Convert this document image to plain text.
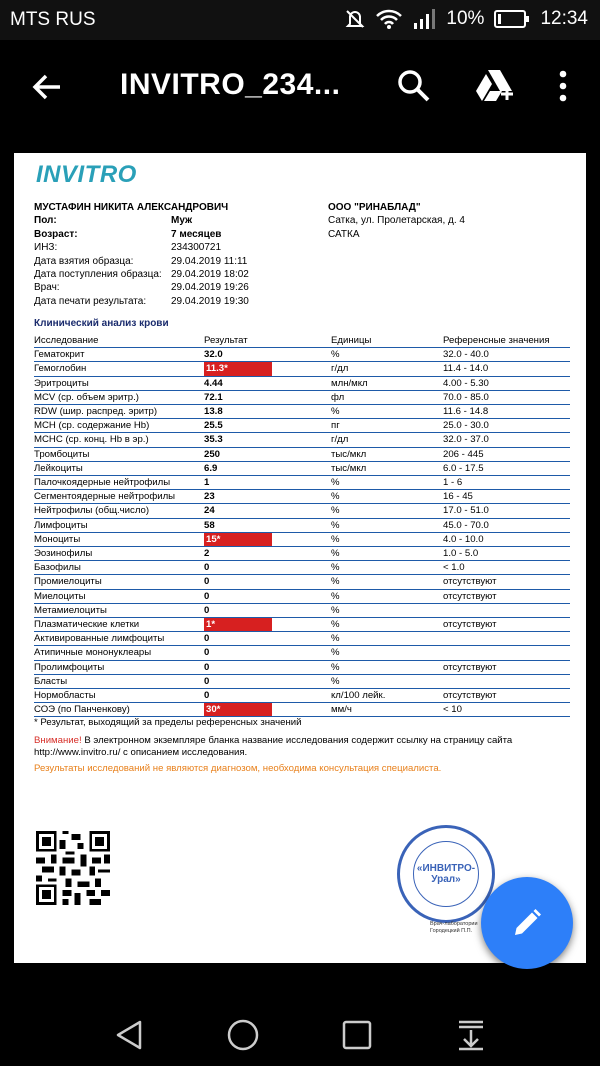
MTS RUS	10%	12:34
INVITRO_234...
INVITRO
МУСТАФИН НИКИТА АЛЕКСАНДРОВИЧ
Пол:	Муж
Возраст:	7 месяцев
ИНЗ:	234300721
Дата взятия образца:	29.04.2019 11:11
Дата поступления образца: 29.04.2019 18:02
Врач:	29.04.2019 19:26
Дата печати результата:	29.04.2019 19:30
ООО "РИНАБЛАД"
Сатка, ул. Пролетарская, д. 4
САТКА
Клинический анализ крови
Исследование	Результат	Единицы	Референсные значения
Гематокрит	32.0	%	32.0 - 40.0
Гемоглобин	11.3*	г/дл	11.4 - 14.0
Эритроциты	4.44	млн/мкл	4.00 - 5.30
MCV (ср. объем эритр.)	72.1	фл	70.0 - 85.0
RDW (шир. распред. эритр)	13.8	%	11.6 - 14.8
MCH (ср. содержание Hb)	25.5	пг	25.0 - 30.0
МСНС (ср. конц. Hb в эр.)	35.3	г/дл	32.0 - 37.0
Тромбоциты	250	тыс/мкл	206 - 445
Лейкоциты	6.9	тыс/мкл	6.0 - 17.5
Палочкоядерные нейтрофилы	1	%	1 - 6
Сегментоядерные нейтрофилы	23	%	16 - 45
Нейтрофилы (общ.число)	24	%	17.0 - 51.0
Лимфоциты	58	%	45.0 - 70.0
Моноциты	15*	%	4.0 - 10.0
Эозинофилы	2	%	1.0 - 5.0
Базофилы	0	%	< 1.0
Промиелоциты	0	%	отсутствуют
Миелоциты	0	%	отсутствуют
Метамиелоциты	0	%	
Плазматические клетки	1*	%	отсутствуют
Активированные лимфоциты	0	%	
Атипичные мононуклеары	0	%	
Пролимфоциты	0	%	отсутствуют
Бласты	0	%	
Нормобласты	0	кл/100 лейк.	отсутствуют
СОЭ (по Панченкову)	30*	мм/ч	< 10
* Результат, выходящий за пределы референсных значений
Внимание! В электронном экземпляре бланка название исследования содержит ссылку на страницу сайта
http://www.invitro.ru/ с описанием исследования.
Результаты исследований не являются диагнозом, необходима консультация специалиста.
«ИНВИТРО-Урал»
Врач-лаборатории
Городецкий П.П.
